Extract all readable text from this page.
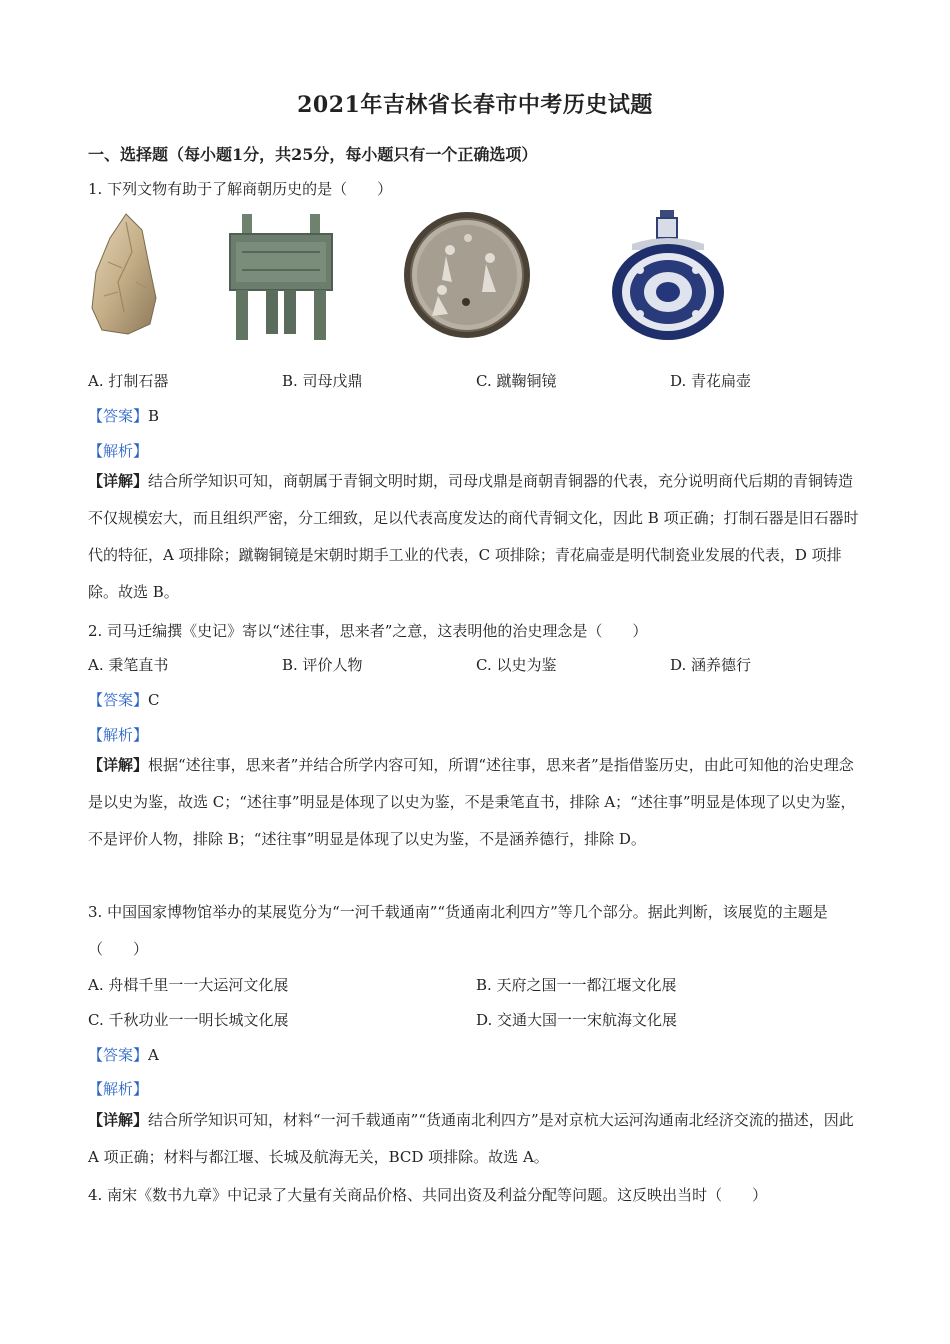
2021年吉林省长春市中考历史试题
一、选择题（每小题1分，共25分，每小题只有一个正确选项）
1. 下列文物有助于了解商朝历史的是（　　）
A. 打制石器	B. 司母戊鼎	C. 蹴鞠铜镜	D. 青花扁壶
【答案】B
【解析】
【详解】结合所学知识可知，商朝属于青铜文明时期，司母戊鼎是商朝青铜器的代表，充分说明商代后期的青铜铸造不仅规模宏大，而且组织严密，分工细致，足以代表高度发达的商代青铜文化，因此 B 项正确；打制石器是旧石器时代的特征，A 项排除；蹴鞠铜镜是宋朝时期手工业的代表，C 项排除；青花扁壶是明代制瓷业发展的代表，D 项排除。故选 B。
2. 司马迁编撰《史记》寄以“述往事，思来者”之意，这表明他的治史理念是（　　）
A. 秉笔直书	B. 评价人物	C. 以史为鉴	D. 涵养德行
【答案】C
【解析】
【详解】根据“述往事，思来者”并结合所学内容可知，所谓“述往事，思来者”是指借鉴历史，由此可知他的治史理念是以史为鉴，故选 C；“述往事”明显是体现了以史为鉴，不是秉笔直书，排除 A；“述往事”明显是体现了以史为鉴，不是评价人物，排除 B；“述往事”明显是体现了以史为鉴，不是涵养德行，排除 D。
3. 中国国家博物馆举办的某展览分为“一河千载通南”“货通南北利四方”等几个部分。据此判断，该展览的主题是（　　）
A. 舟楫千里一一大运河文化展	B. 天府之国一一都江堰文化展
C. 千秋功业一一明长城文化展	D. 交通大国一一宋航海文化展
【答案】A
【解析】
【详解】结合所学知识可知，材料“一河千载通南”“货通南北利四方”是对京杭大运河沟通南北经济交流的描述，因此 A 项正确；材料与都江堰、长城及航海无关，BCD 项排除。故选 A。
4. 南宋《数书九章》中记录了大量有关商品价格、共同出资及利益分配等问题。这反映出当时（　　）
